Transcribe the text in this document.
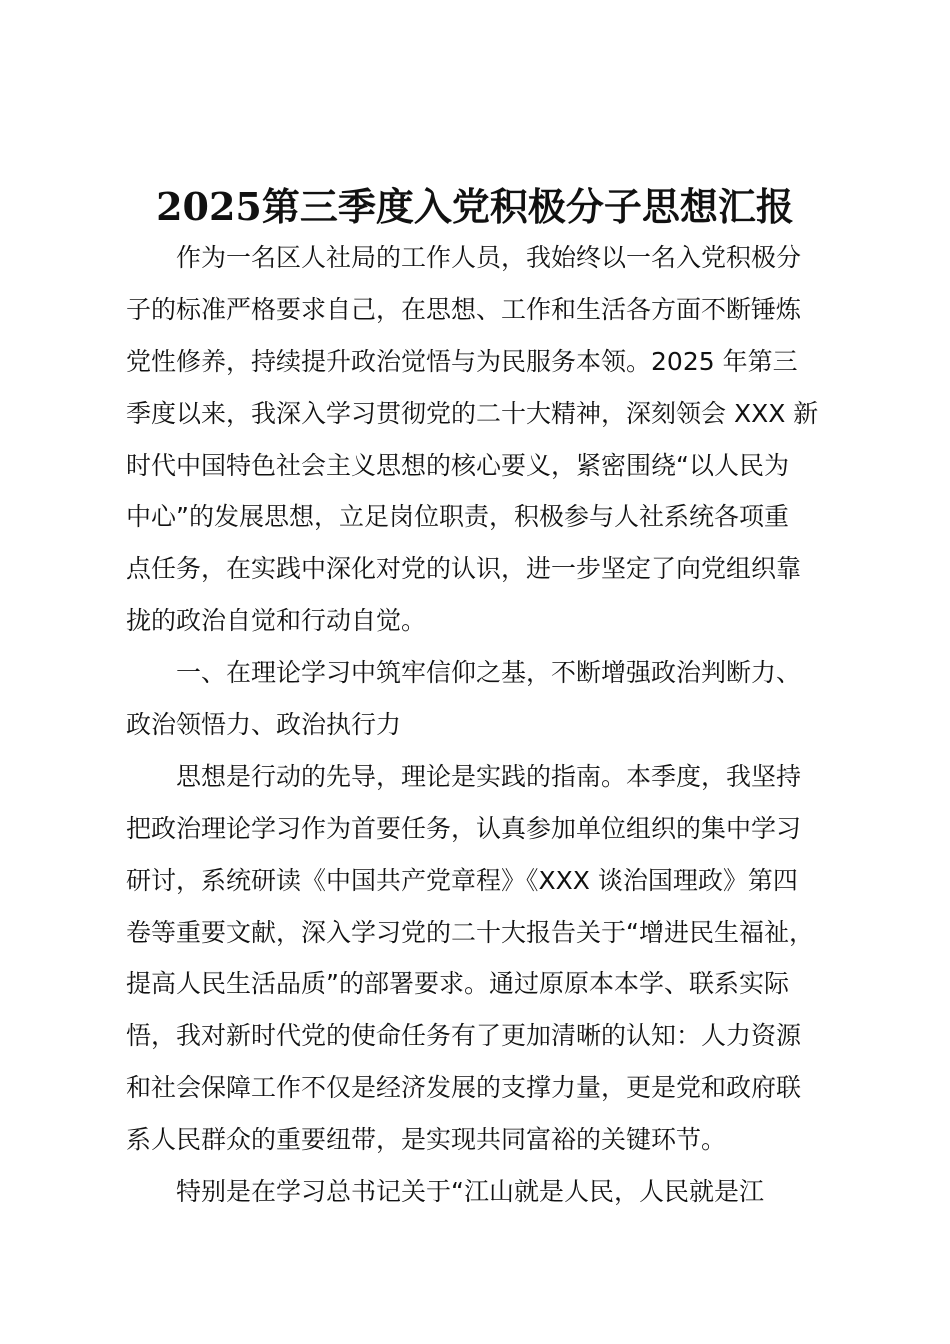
2025第三季度入党积极分子思想汇报
作为一名区人社局的工作人员，我始终以一名入党积极分
子的标准严格要求自己，在思想、工作和生活各方面不断锤炼
党性修养，持续提升政治觉悟与为民服务本领。2025 年第三
季度以来，我深入学习贯彻党的二十大精神，深刻领会 XXX 新
时代中国特色社会主义思想的核心要义，紧密围绕“以人民为
中心”的发展思想，立足岗位职责，积极参与人社系统各项重
点任务，在实践中深化对党的认识，进一步坚定了向党组织靠
拢的政治自觉和行动自觉。
一、在理论学习中筑牢信仰之基，不断增强政治判断力、
政治领悟力、政治执行力
思想是行动的先导，理论是实践的指南。本季度，我坚持
把政治理论学习作为首要任务，认真参加单位组织的集中学习
研讨，系统研读《中国共产党章程》《XXX 谈治国理政》第四
卷等重要文献，深入学习党的二十大报告关于“增进民生福祉，
提高人民生活品质”的部署要求。通过原原本本学、联系实际
悟，我对新时代党的使命任务有了更加清晰的认知：人力资源
和社会保障工作不仅是经济发展的支撑力量，更是党和政府联
系人民群众的重要纽带，是实现共同富裕的关键环节。
特别是在学习总书记关于“江山就是人民，人民就是江
